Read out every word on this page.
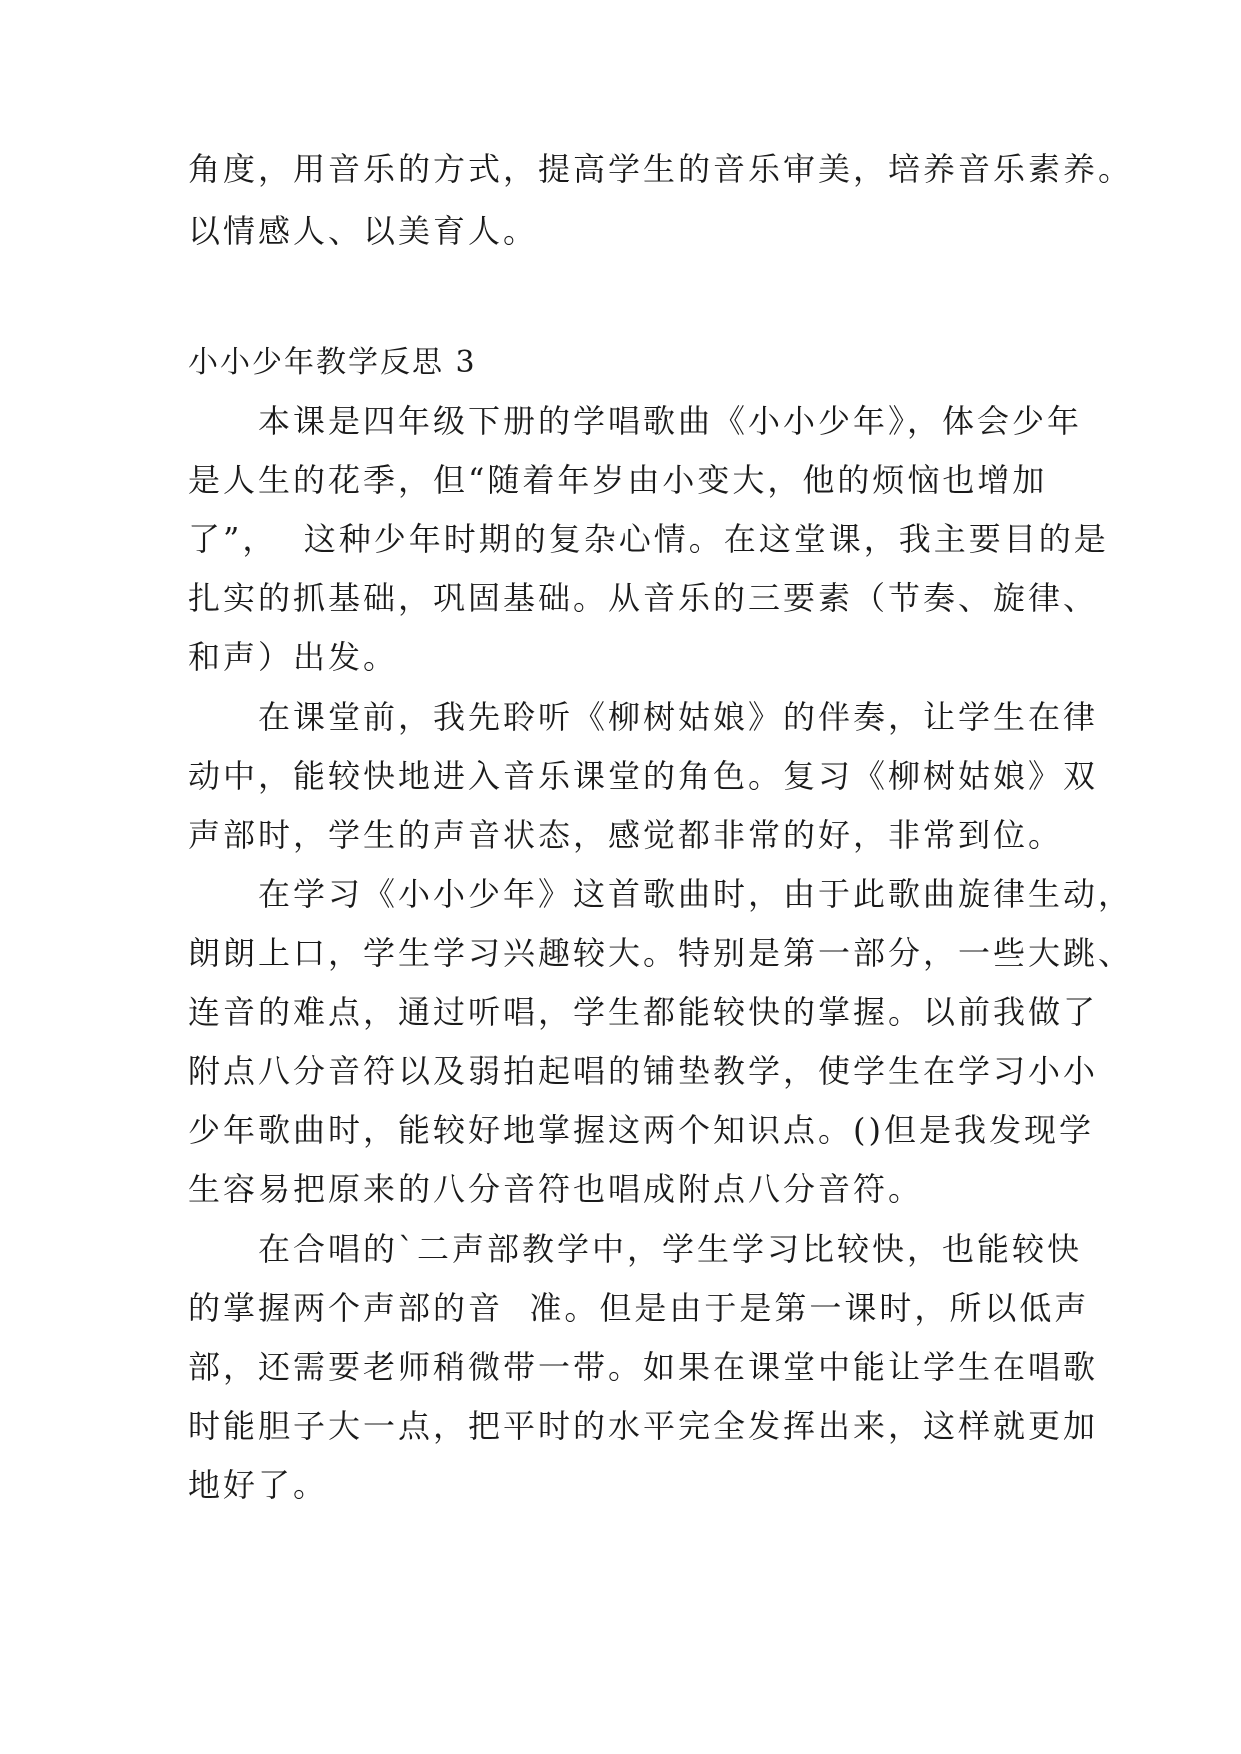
角度，用音乐的方式，提高学生的音乐审美，培养音乐素养。
以情感人、以美育人。
小小少年教学反思 3
　　本课是四年级下册的学唱歌曲《小小少年》，体会少年
是人生的花季，但“随着年岁由小变大，他的烦恼也增加
了”，  这种少年时期的复杂心情。在这堂课，我主要目的是
扎实的抓基础，巩固基础。从音乐的三要素（节奏、旋律、
和声）出发。
　　在课堂前，我先聆听《柳树姑娘》的伴奏，让学生在律
动中，能较快地进入音乐课堂的角色。复习《柳树姑娘》双
声部时，学生的声音状态，感觉都非常的好，非常到位。
　　在学习《小小少年》这首歌曲时，由于此歌曲旋律生动，
朗朗上口，学生学习兴趣较大。特别是第一部分，一些大跳、
连音的难点，通过听唱，学生都能较快的掌握。以前我做了
附点八分音符以及弱拍起唱的铺垫教学，使学生在学习小小
少年歌曲时，能较好地掌握这两个知识点。()但是我发现学
生容易把原来的八分音符也唱成附点八分音符。
　　在合唱的`二声部教学中，学生学习比较快，也能较快
的掌握两个声部的音  准。但是由于是第一课时，所以低声
部，还需要老师稍微带一带。如果在课堂中能让学生在唱歌
时能胆子大一点，把平时的水平完全发挥出来，这样就更加
地好了。
